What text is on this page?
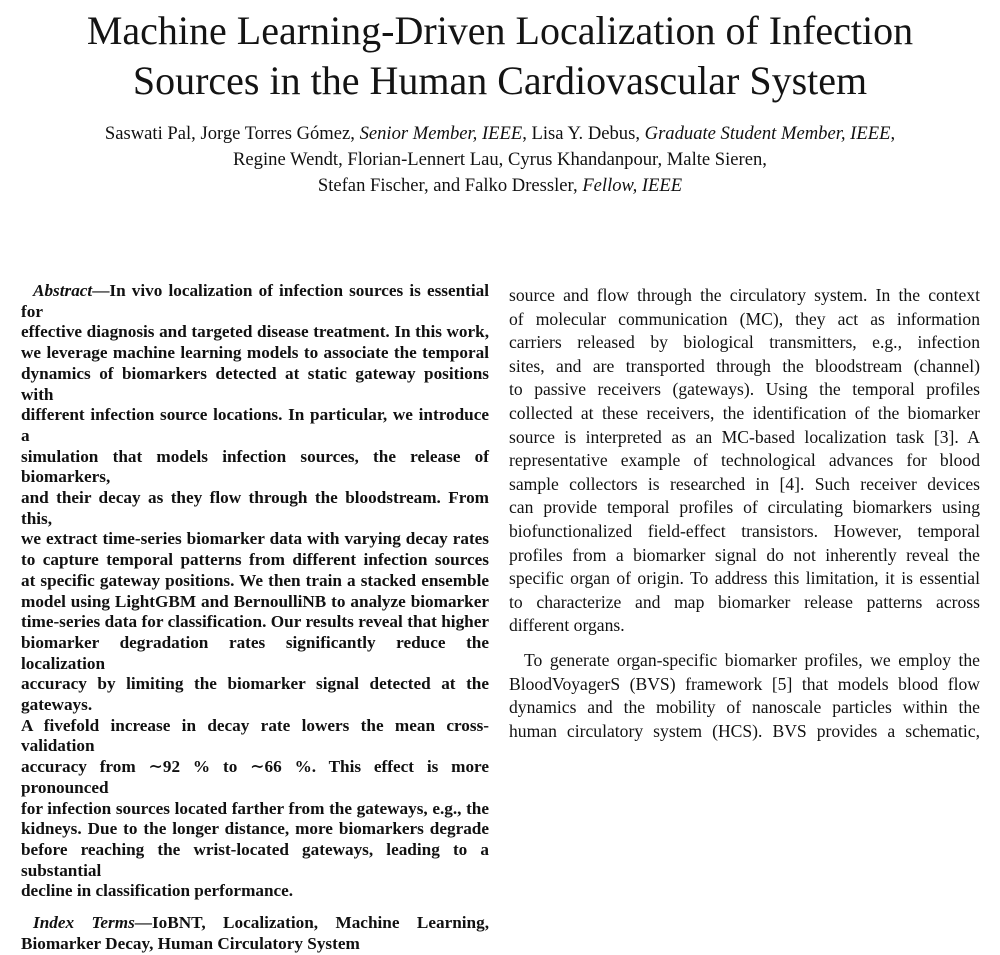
Machine Learning-Driven Localization of Infection
Sources in the Human Cardiovascular System
Saswati Pal, Jorge Torres Gómez, Senior Member, IEEE, Lisa Y. Debus, Graduate Student Member, IEEE,
Regine Wendt, Florian-Lennert Lau, Cyrus Khandanpour, Malte Sieren,
Stefan Fischer, and Falko Dressler, Fellow, IEEE
Abstract—In vivo localization of infection sources is essential for
effective diagnosis and targeted disease treatment. In this work,
we leverage machine learning models to associate the temporal
dynamics of biomarkers detected at static gateway positions with
different infection source locations. In particular, we introduce a
simulation that models infection sources, the release of biomarkers,
and their decay as they flow through the bloodstream. From this,
we extract time-series biomarker data with varying decay rates
to capture temporal patterns from different infection sources
at specific gateway positions. We then train a stacked ensemble
model using LightGBM and BernoulliNB to analyze biomarker
time-series data for classification. Our results reveal that higher
biomarker degradation rates significantly reduce the localization
accuracy by limiting the biomarker signal detected at the gateways.
A fivefold increase in decay rate lowers the mean cross-validation
accuracy from ∼92 % to ∼66 %. This effect is more pronounced
for infection sources located farther from the gateways, e.g., the
kidneys. Due to the longer distance, more biomarkers degrade
before reaching the wrist-located gateways, leading to a substantial
decline in classification performance.
Index Terms—IoBNT, Localization, Machine Learning,
Biomarker Decay, Human Circulatory System
source and flow through the circulatory system. In the context
of molecular communication (MC), they act as information
carriers released by biological transmitters, e.g., infection
sites, and are transported through the bloodstream (channel)
to passive receivers (gateways). Using the temporal profiles
collected at these receivers, the identification of the biomarker
source is interpreted as an MC-based localization task [3]. A
representative example of technological advances for blood
sample collectors is researched in [4]. Such receiver devices
can provide temporal profiles of circulating biomarkers using
biofunctionalized field-effect transistors. However, temporal
profiles from a biomarker signal do not inherently reveal the
specific organ of origin. To address this limitation, it is essential
to characterize and map biomarker release patterns across
different organs.
To generate organ-specific biomarker profiles, we employ the
BloodVoyagerS (BVS) framework [5] that models blood flow
dynamics and the mobility of nanoscale particles within the
human circulatory system (HCS). BVS provides a schematic,
